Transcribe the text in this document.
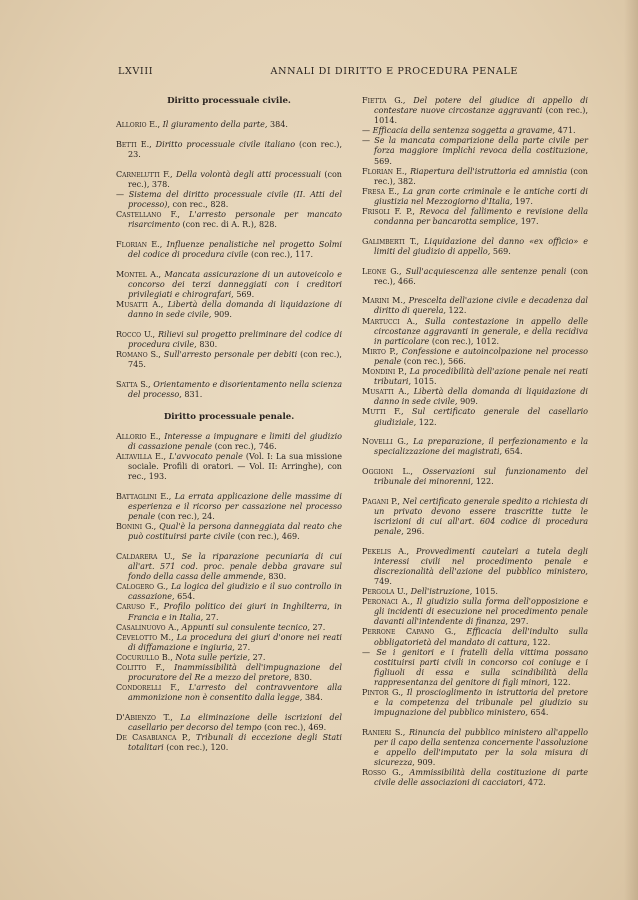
LXVIII	ANNALI DI DIRITTO E PROCEDURA PENALE
Diritto processuale civile.
Allorio E., Il giuramento della parte, 384.
Betti E., Diritto processuale civile italiano (con rec.), 23.
Carnelutti F., Della volontà degli atti processuali (con rec.), 378.
— Sistema del diritto processuale civile (II. Atti del processo), con rec., 828.
Castellano F., L'arresto personale per mancato risarcimento (con rec. di A. R.), 828.
Florian E., Influenze penalistiche nel progetto Solmi del codice di procedura civile (con rec.), 117.
Montel A., Mancata assicurazione di un autoveicolo e concorso dei terzi danneggiati con i creditori privilegiati e chirografari, 569.
Musatti A., Libertà della domanda di liquidazione di danno in sede civile, 909.
Rocco U., Rilievi sul progetto preliminare del codice di procedura civile, 830.
Romano S., Sull'arresto personale per debiti (con rec.), 745.
Satta S., Orientamento e disorientamento nella scienza del processo, 831.
Diritto processuale penale.
Allorio E., Interesse a impugnare e limiti del giudizio di cassazione penale (con rec.), 746.
Altavilla E., L'avvocato penale (Vol. I: La sua missione sociale. Profili di oratori. — Vol. II: Arringhe), con rec., 193.
Battaglini E., La errata applicazione delle massime di esperienza e il ricorso per cassazione nel processo penale (con rec.), 24.
Bonini G., Qual'è la persona danneggiata dal reato che può costituirsi parte civile (con rec.), 469.
Caldarera U., Se la riparazione pecuniaria di cui all'art. 571 cod. proc. penale debba gravare sul fondo della cassa delle ammende, 830.
Calogero G., La logica del giudizio e il suo controllo in cassazione, 654.
Caruso F., Profilo politico dei giuri in Inghilterra, in Francia e in Italia, 27.
Casalinuovo A., Appunti sul consulente tecnico, 27.
Cevelotto M., La procedura dei giuri d'onore nei reati di diffamazione e ingiuria, 27.
Cocurullo B., Nota sulle perizie, 27.
Colitto F., Inammissibilità dell'impugnazione del procuratore del Re a mezzo del pretore, 830.
Condorelli F., L'arresto del contravventore alla ammonizione non è consentito dalla legge, 384.
D'Abienzo T., La eliminazione delle iscrizioni del casellario per decorso del tempo (con rec.), 469.
De Casabianca P., Tribunali di eccezione degli Stati totalitari (con rec.), 120.
Fietta G., Del potere del giudice di appello di contestare nuove circostanze aggravanti (con rec.), 1014.
— Efficacia della sentenza soggetta a gravame, 471.
— Se la mancata comparizione della parte civile per forza maggiore implichi revoca della costituzione, 569.
Florian E., Riapertura dell'istruttoria ed amnistia (con rec.), 382.
Fresa E., La gran corte criminale e le antiche corti di giustizia nel Mezzogiorno d'Italia, 197.
Frisoli F. P., Revoca del fallimento e revisione della condanna per bancarotta semplice, 197.
Galimberti T., Liquidazione del danno «ex officio» e limiti del giudizio di appello, 569.
Leone G., Sull'acquiescenza alle sentenze penali (con rec.), 466.
Marini M., Prescelta dell'azione civile e decadenza dal diritto di querela, 122.
Martucci A., Sulla contestazione in appello delle circostanze aggravanti in generale, e della recidiva in particolare (con rec.), 1012.
Mirto P., Confessione e autoincolpazione nel processo penale (con rec.), 566.
Mondini P., La procedibilità dell'azione penale nei reati tributari, 1015.
Musatti A., Libertà della domanda di liquidazione di danno in sede civile, 909.
Mutti F., Sul certificato generale del casellario giudiziale, 122.
Novelli G., La preparazione, il perfezionamento e la specializzazione dei magistrati, 654.
Oggioni L., Osservazioni sul funzionamento del tribunale dei minorenni, 122.
Pagani P., Nel certificato generale spedito a richiesta di un privato devono essere trascritte tutte le iscrizioni di cui all'art. 604 codice di procedura penale, 296.
Pekelis A., Provvedimenti cautelari a tutela degli interessi civili nel procedimento penale e discrezionalità dell'azione del pubblico ministero, 749.
Pergola U., Dell'istruzione, 1015.
Peronaci A., Il giudizio sulla forma dell'opposizione e gli incidenti di esecuzione nel procedimento penale davanti all'intendente di finanza, 297.
Perrone Capano G., Efficacia dell'indulto sulla obbligatorietà del mandato di cattura, 122.
— Se i genitori e i fratelli della vittima possano costituirsi parti civili in concorso coi coniuge e i figliuoli di essa e sulla scindibilità della rappresentanza del genitore di figli minori, 122.
Pintor G., Il proscioglimento in istruttoria del pretore e la competenza del tribunale pel giudizio su impugnazione del pubblico ministero, 654.
Ranieri S., Rinuncia del pubblico ministero all'appello per il capo della sentenza concernente l'assoluzione e appello dell'imputato per la sola misura di sicurezza, 909.
Rosso G., Ammissibilità della costituzione di parte civile delle associazioni di cacciatori, 472.
